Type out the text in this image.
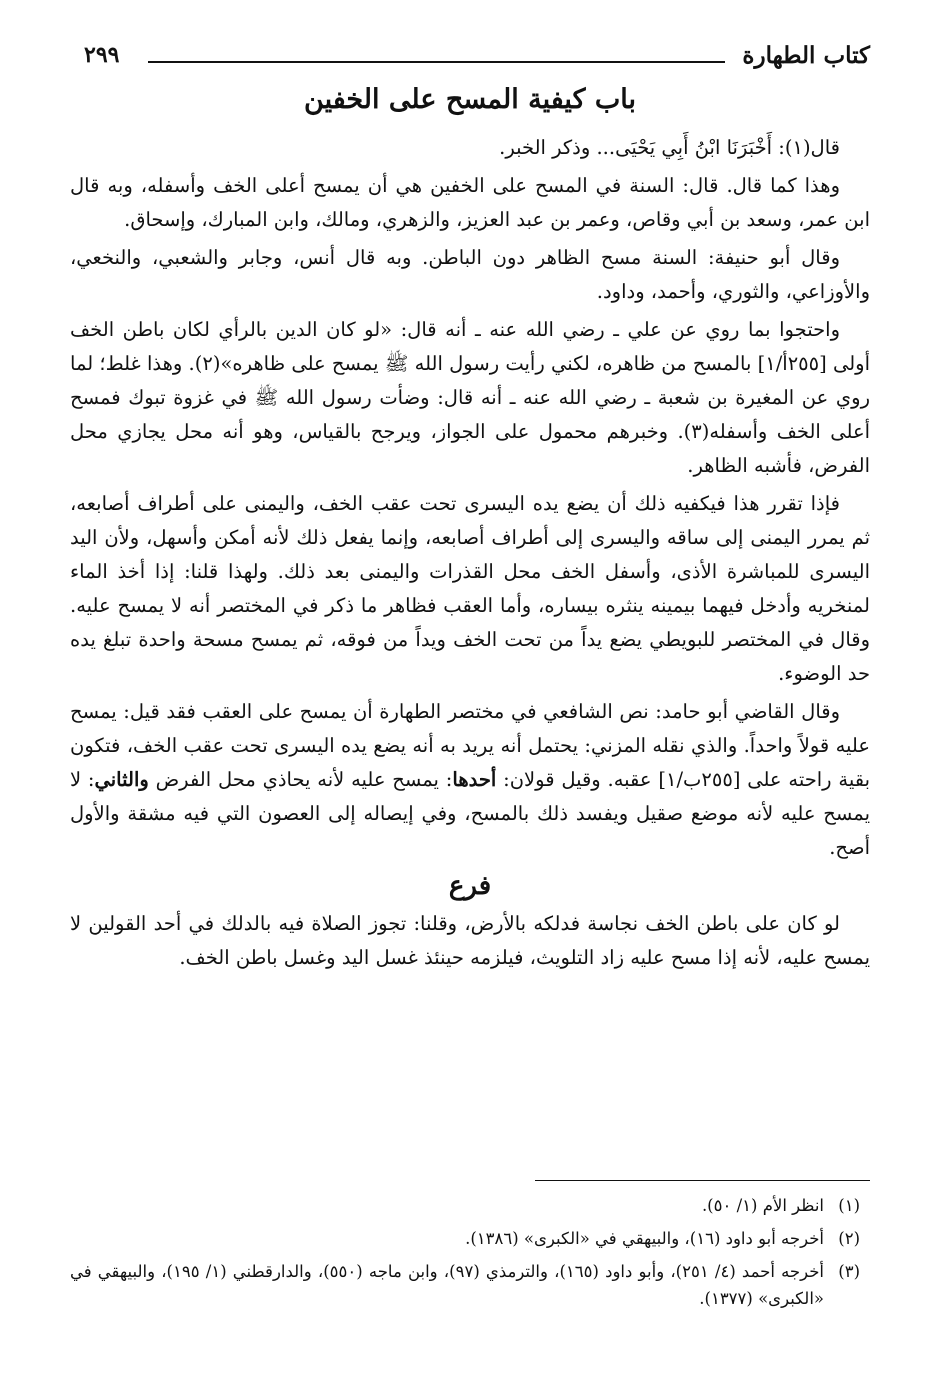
كتاب الطهارة
٢٩٩
باب كيفية المسح على الخفين

قال(١): أَخْبَرَنَا ابْنُ أَبِي يَحْيَى... وذكر الخبر.

وهذا كما قال. قال: السنة في المسح على الخفين هي أن يمسح أعلى الخف وأسفله، وبه قال ابن عمر، وسعد بن أبي وقاص، وعمر بن عبد العزيز، والزهري، ومالك، وابن المبارك، وإسحاق.

وقال أبو حنيفة: السنة مسح الظاهر دون الباطن. وبه قال أنس، وجابر والشعبي، والنخعي، والأوزاعي، والثوري، وأحمد، وداود.

واحتجوا بما روي عن علي ـ رضي الله عنه ـ أنه قال: «لو كان الدين بالرأي لكان باطن الخف أولى [٢٥٥أ/١] بالمسح من ظاهره، لكني رأيت رسول الله ﷺ يمسح على ظاهره»(٢). وهذا غلط؛ لما روي عن المغيرة بن شعبة ـ رضي الله عنه ـ أنه قال: وضأت رسول الله ﷺ في غزوة تبوك فمسح أعلى الخف وأسفله(٣). وخبرهم محمول على الجواز، ويرجح بالقياس، وهو أنه محل يجازي محل الفرض، فأشبه الظاهر.

فإذا تقرر هذا فيكفيه ذلك أن يضع يده اليسرى تحت عقب الخف، واليمنى على أطراف أصابعه، ثم يمرر اليمنى إلى ساقه واليسرى إلى أطراف أصابعه، وإنما يفعل ذلك لأنه أمكن وأسهل، ولأن اليد اليسرى للمباشرة الأذى، وأسفل الخف محل القذرات واليمنى بعد ذلك. ولهذا قلنا: إذا أخذ الماء لمنخريه وأدخل فيهما بيمينه ينثره بيساره، وأما العقب فظاهر ما ذكر في المختصر أنه لا يمسح عليه. وقال في المختصر للبويطي يضع يداً من تحت الخف ويداً من فوقه، ثم يمسح مسحة واحدة تبلغ يده حد الوضوء.

وقال القاضي أبو حامد: نص الشافعي في مختصر الطهارة أن يمسح على العقب فقد قيل: يمسح عليه قولاً واحداً. والذي نقله المزني: يحتمل أنه يريد به أنه يضع يده اليسرى تحت عقب الخف، فتكون بقية راحته على [٢٥٥ب/١] عقبه. وقيل قولان: أحدها: يمسح عليه لأنه يحاذي محل الفرض والثاني: لا يمسح عليه لأنه موضع صقيل ويفسد ذلك بالمسح، وفي إيصاله إلى العصون التي فيه مشقة والأول أصح.

فرع

لو كان على باطن الخف نجاسة فدلكه بالأرض، وقلنا: تجوز الصلاة فيه بالدلك في أحد القولين لا يمسح عليه، لأنه إذا مسح عليه زاد التلويث، فيلزمه حينئذ غسل اليد وغسل باطن الخف.

(١)
انظر الأم (١/ ٥٠).
(٢)
أخرجه أبو داود (١٦)، والبيهقي في «الكبرى» (١٣٨٦).
(٣)
أخرجه أحمد (٤/ ٢٥١)، وأبو داود (١٦٥)، والترمذي (٩٧)، وابن ماجه (٥٥٠)، والدارقطني (١/ ١٩٥)، والبيهقي في «الكبرى» (١٣٧٧).
